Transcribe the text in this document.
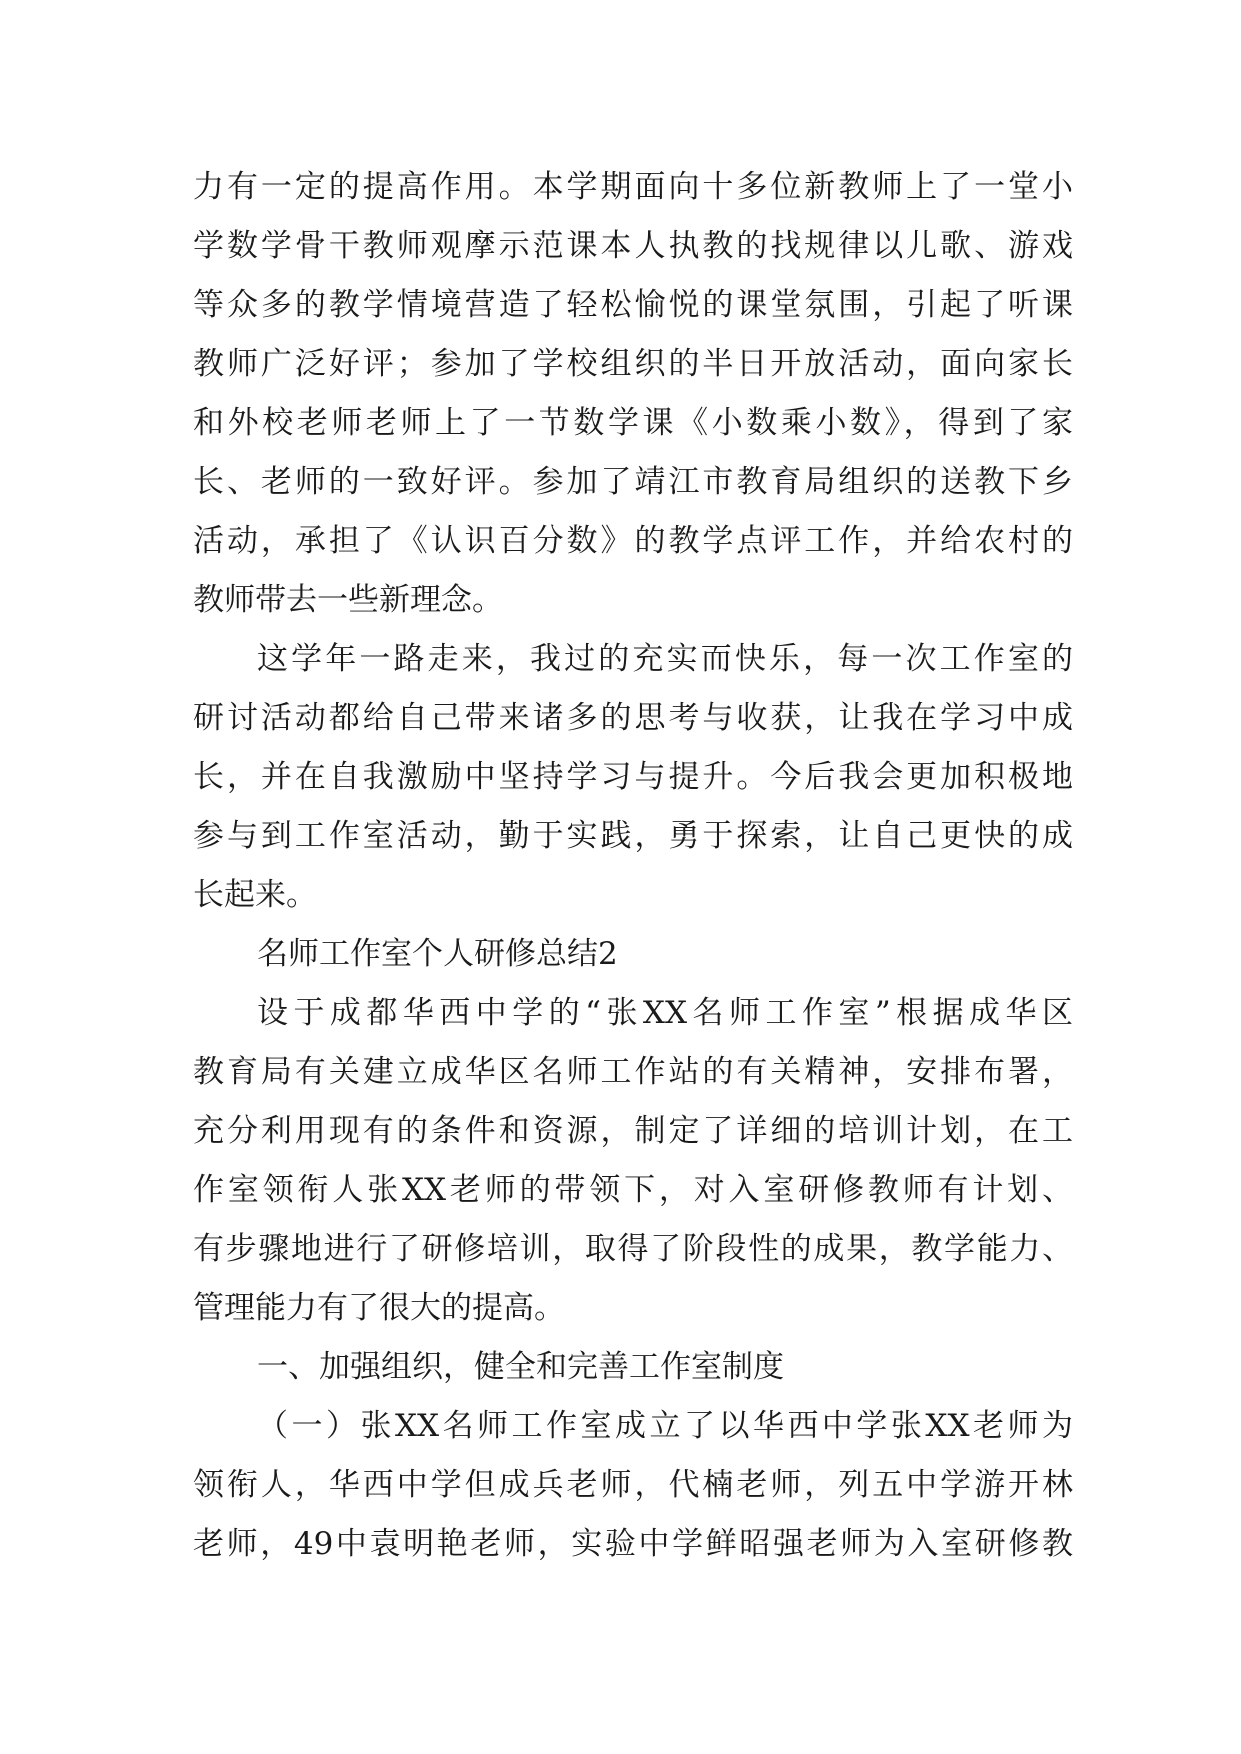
力有一定的提高作用。本学期面向十多位新教师上了一堂小
学数学骨干教师观摩示范课本人执教的找规律以儿歌、游戏
等众多的教学情境营造了轻松愉悦的课堂氛围，引起了听课
教师广泛好评；参加了学校组织的半日开放活动，面向家长
和外校老师老师上了一节数学课《小数乘小数》，得到了家
长、老师的一致好评。参加了靖江市教育局组织的送教下乡
活动，承担了《认识百分数》的教学点评工作，并给农村的
教师带去一些新理念。
这学年一路走来，我过的充实而快乐，每一次工作室的
研讨活动都给自己带来诸多的思考与收获，让我在学习中成
长，并在自我激励中坚持学习与提升。今后我会更加积极地
参与到工作室活动，勤于实践，勇于探索，让自己更快的成
长起来。
名师工作室个人研修总结2
设于成都华西中学的“张XX名师工作室”根据成华区
教育局有关建立成华区名师工作站的有关精神，安排布署，
充分利用现有的条件和资源，制定了详细的培训计划，在工
作室领衔人张XX老师的带领下，对入室研修教师有计划、
有步骤地进行了研修培训，取得了阶段性的成果，教学能力、
管理能力有了很大的提高。
一、加强组织，健全和完善工作室制度
（一）张XX名师工作室成立了以华西中学张XX老师为
领衔人，华西中学但成兵老师，代楠老师，列五中学游开林
老师，49中袁明艳老师，实验中学鲜昭强老师为入室研修教
